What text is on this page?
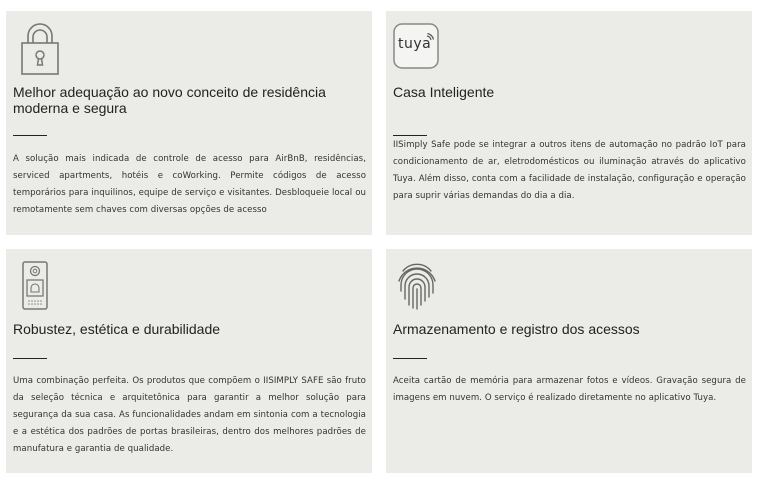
Melhor adequação ao novo conceito de residência moderna e segura
A solução mais indicada de controle de acesso para AirBnB, residências, serviced apartments, hotéis e coWorking. Permite códigos de acesso temporários para inquilinos, equipe de serviço e visitantes. Desbloqueie local ou remotamente sem chaves com diversas opções de acesso
tuya
Casa Inteligente
IISimply Safe pode se integrar a outros itens de automação no padrão IoT para condicionamento de ar, eletrodomésticos ou iluminação através do aplicativo Tuya. Além disso, conta com a facilidade de instalação, configuração e operação para suprir várias demandas do dia a dia.
Robustez, estética e durabilidade
Uma combinação perfeita. Os produtos que compõem o IISIMPLY SAFE são fruto da seleção técnica e arquitetônica para garantir a melhor solução para segurança da sua casa. As funcionalidades andam em sintonia com a tecnologia e a estética dos padrões de portas brasileiras, dentro dos melhores padrões de manufatura e garantia de qualidade.
Armazenamento e registro dos acessos
Aceita cartão de memória para armazenar fotos e vídeos. Gravação segura de imagens em nuvem. O serviço é realizado diretamente no aplicativo Tuya.
